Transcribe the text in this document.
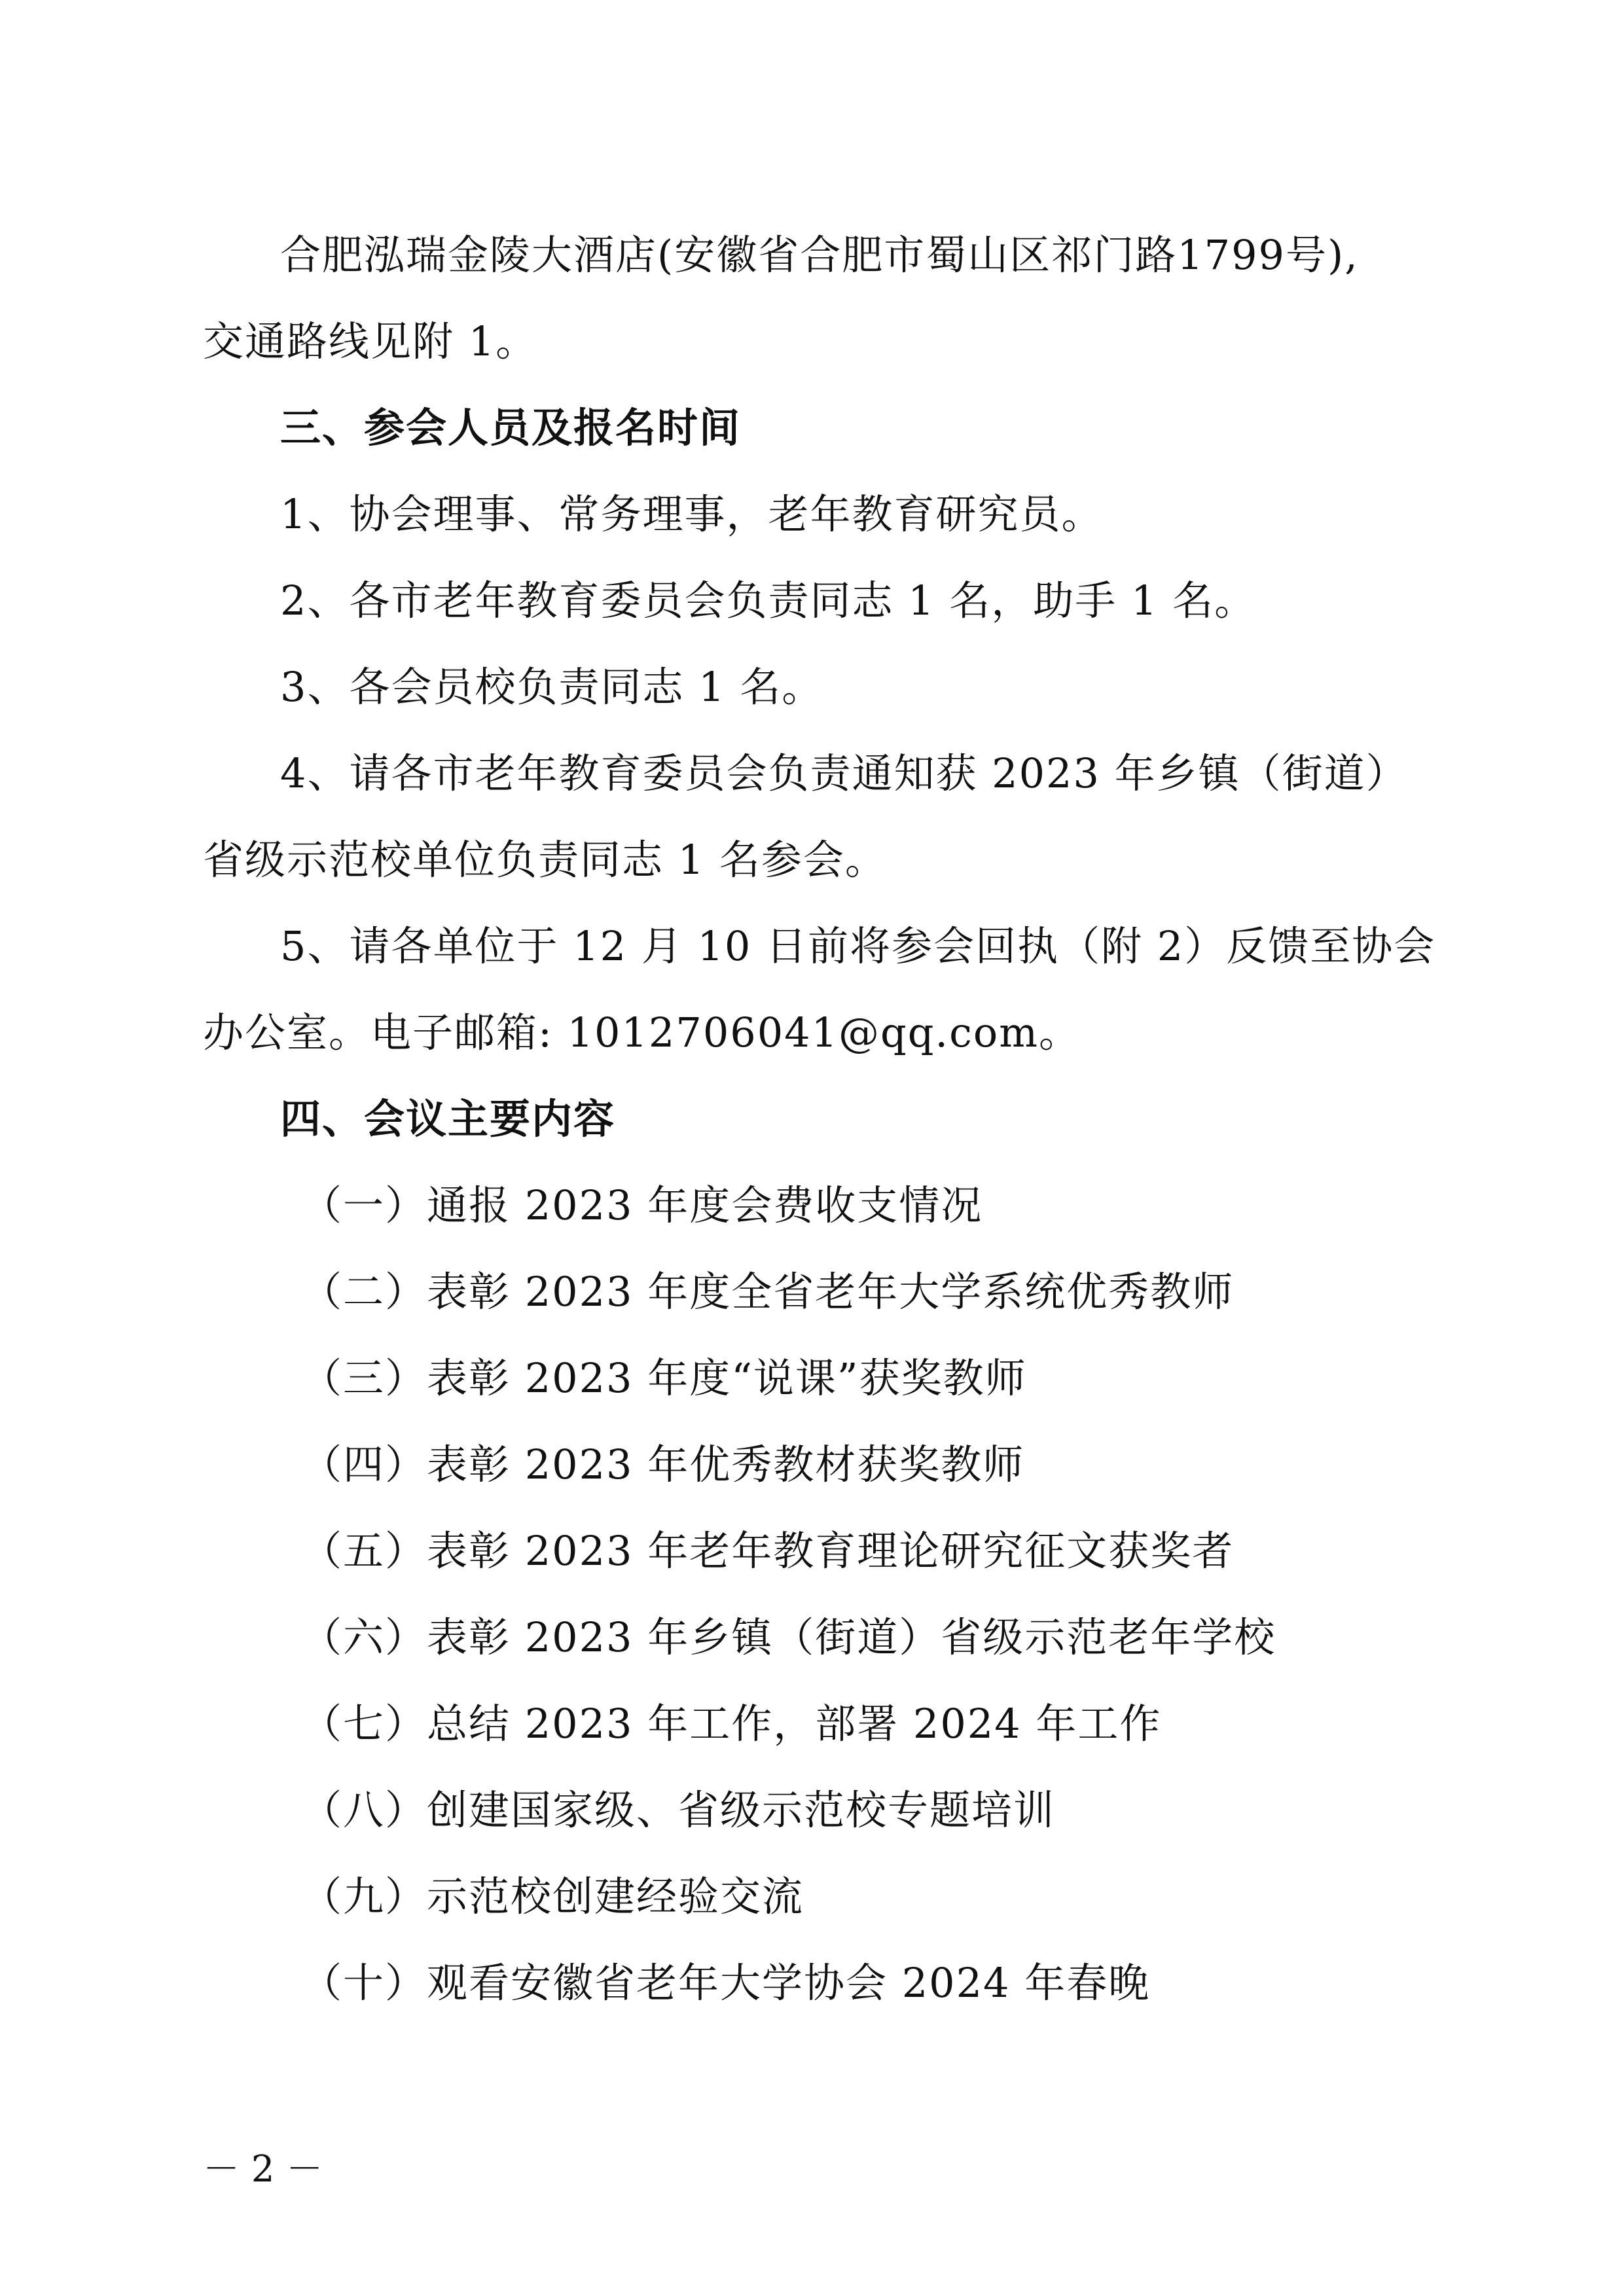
合肥泓瑞金陵大酒店(安徽省合肥市蜀山区祁门路1799号),
交通路线见附 1。
三、参会人员及报名时间
1、协会理事、常务理事，老年教育研究员。
2、各市老年教育委员会负责同志 1 名，助手 1 名。
3、各会员校负责同志 1 名。
4、请各市老年教育委员会负责通知获 2023 年乡镇（街道）
省级示范校单位负责同志 1 名参会。
5、请各单位于 12 月 10 日前将参会回执（附 2）反馈至协会
办公室。电子邮箱: 1012706041@qq.com。
四、会议主要内容
（一）通报 2023 年度会费收支情况
（二）表彰 2023 年度全省老年大学系统优秀教师
（三）表彰 2023 年度“说课”获奖教师
（四）表彰 2023 年优秀教材获奖教师
（五）表彰 2023 年老年教育理论研究征文获奖者
（六）表彰 2023 年乡镇（街道）省级示范老年学校
（七）总结 2023 年工作，部署 2024 年工作
（八）创建国家级、省级示范校专题培训
（九）示范校创建经验交流
（十）观看安徽省老年大学协会 2024 年春晚
－ 2 －
